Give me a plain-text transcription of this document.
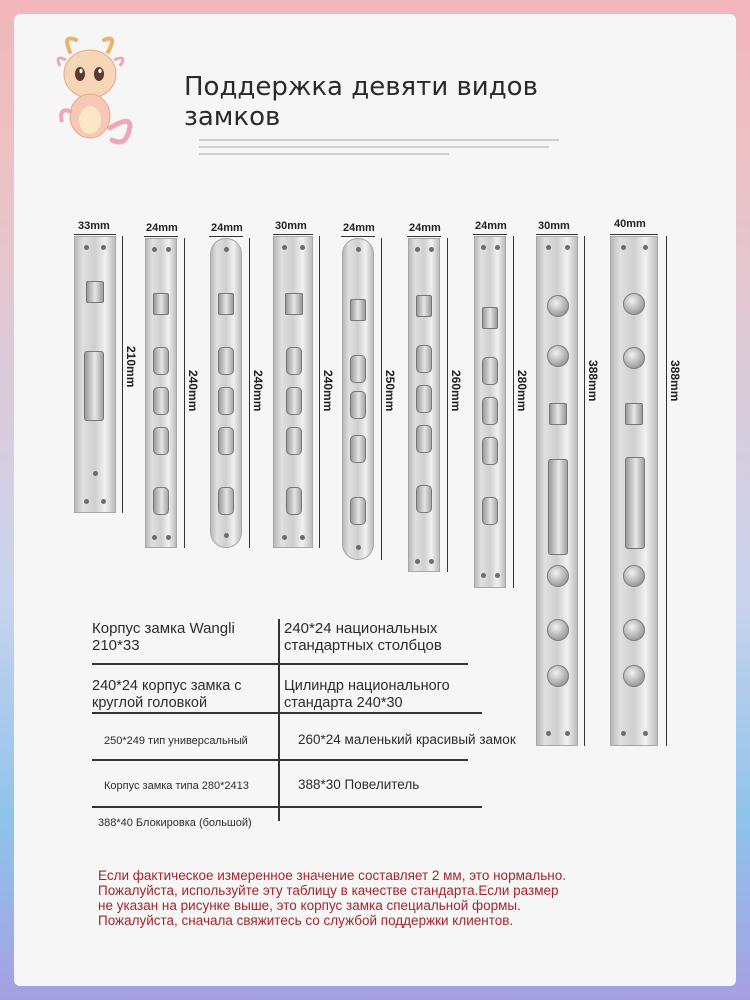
Поддержка девяти видов
замков
33mm
210mm
24mm
240mm
24mm
240mm
30mm
240mm
24mm
250mm
24mm
260mm
24mm
280mm
30mm
388mm
40mm
388mm
Корпус замка Wangli 210*33
240*24 национальных стандартных столбцов
240*24 корпус замка с круглой головкой
Цилиндр национального стандарта 240*30
250*249 тип универсальный	260*24 маленький красивый замок
Корпус замка типа 280*2413	388*30 Повелитель
388*40 Блокировка (большой)
Если фактическое измеренное значение составляет 2 мм, это нормально.
Пожалуйста, используйте эту таблицу в качестве стандарта.Если размер
не указан на рисунке выше, это корпус замка специальной формы.
Пожалуйста, сначала свяжитесь со службой поддержки клиентов.
